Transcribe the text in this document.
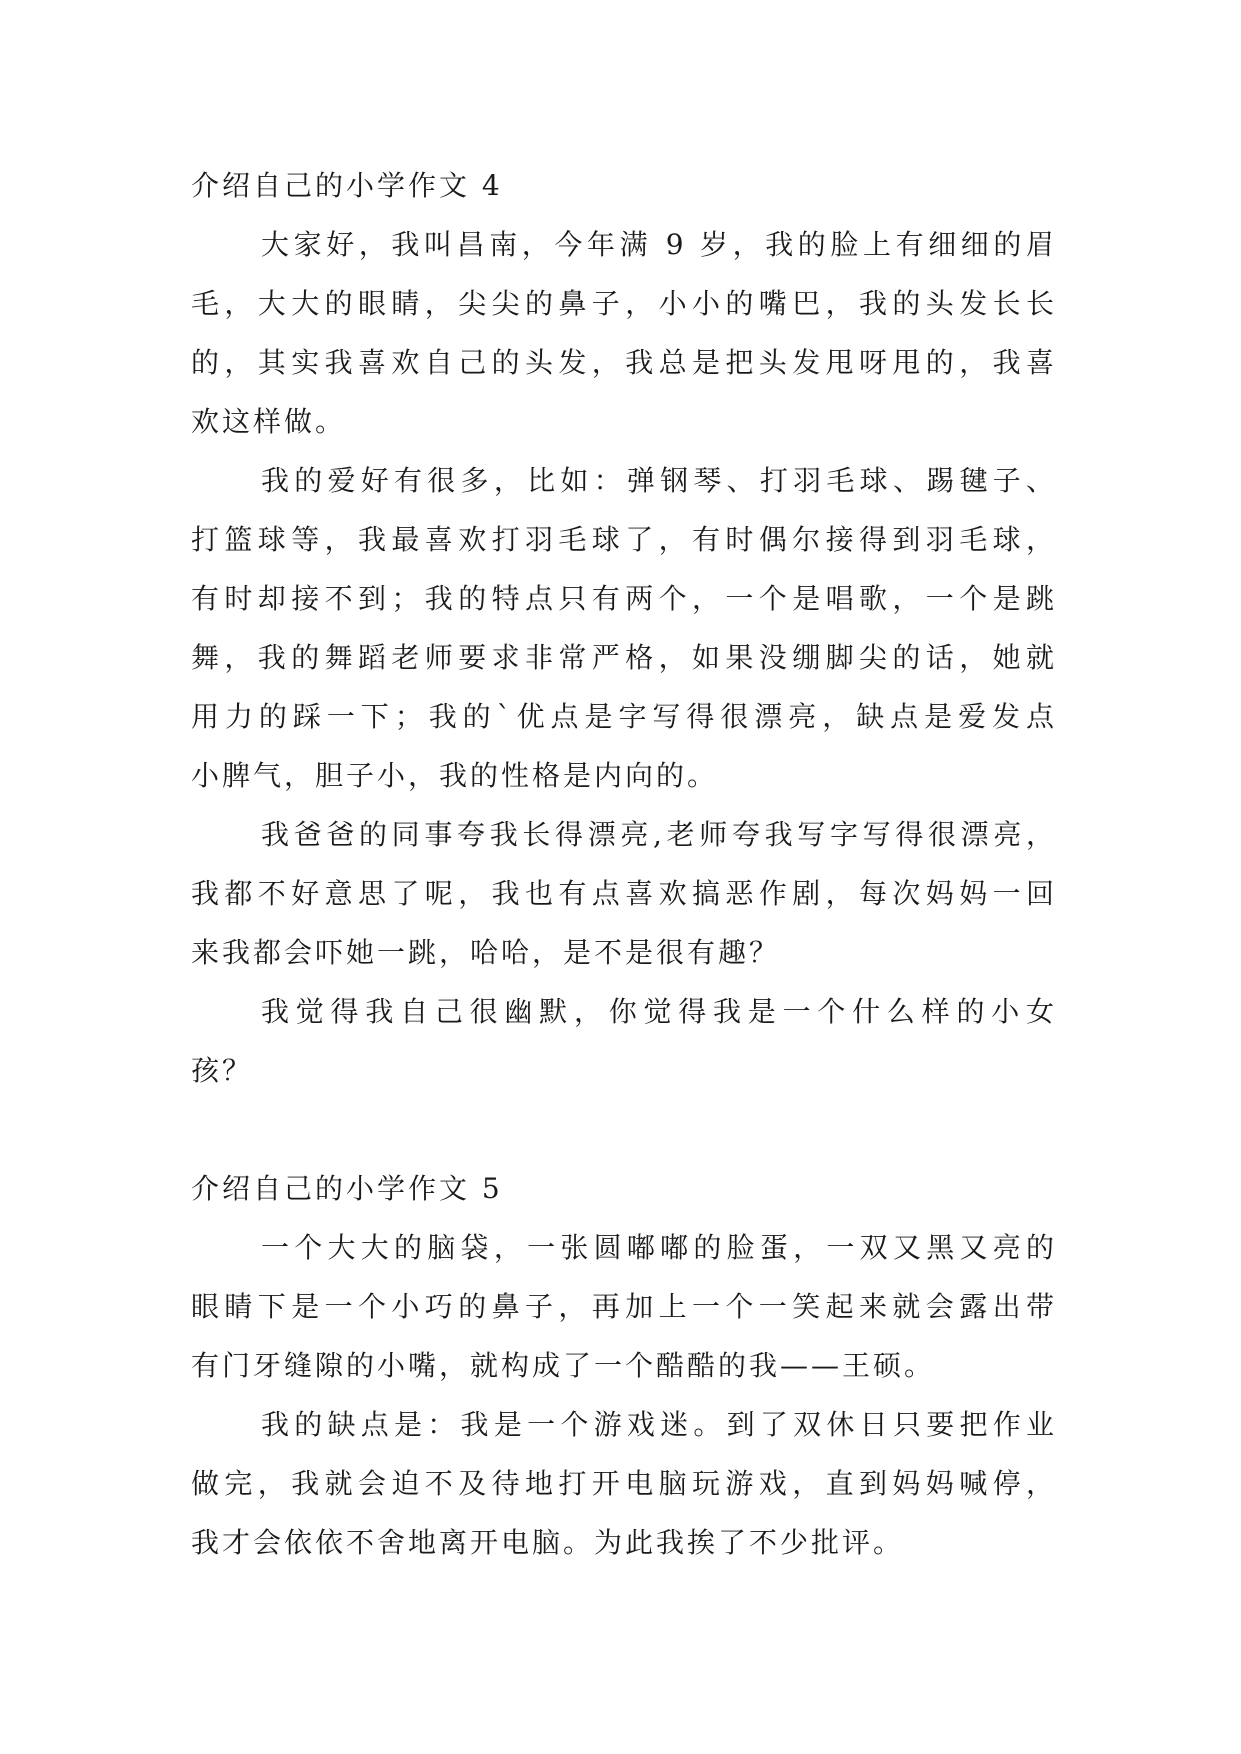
介绍自己的小学作文 4
大家好，我叫昌南，今年满 9 岁，我的脸上有细细的眉
毛，大大的眼睛，尖尖的鼻子，小小的嘴巴，我的头发长长
的，其实我喜欢自己的头发，我总是把头发甩呀甩的，我喜
欢这样做。
我的爱好有很多，比如：弹钢琴、打羽毛球、踢毽子、
打篮球等，我最喜欢打羽毛球了，有时偶尔接得到羽毛球，
有时却接不到；我的特点只有两个，一个是唱歌，一个是跳
舞，我的舞蹈老师要求非常严格，如果没绷脚尖的话，她就
用力的踩一下；我的`优点是字写得很漂亮，缺点是爱发点
小脾气，胆子小，我的性格是内向的。
我爸爸的同事夸我长得漂亮,老师夸我写字写得很漂亮，
我都不好意思了呢，我也有点喜欢搞恶作剧，每次妈妈一回
来我都会吓她一跳，哈哈，是不是很有趣？
我觉得我自己很幽默，你觉得我是一个什么样的小女
孩？
介绍自己的小学作文 5
一个大大的脑袋，一张圆嘟嘟的脸蛋，一双又黑又亮的
眼睛下是一个小巧的鼻子，再加上一个一笑起来就会露出带
有门牙缝隙的小嘴，就构成了一个酷酷的我——王硕。
我的缺点是：我是一个游戏迷。到了双休日只要把作业
做完，我就会迫不及待地打开电脑玩游戏，直到妈妈喊停，
我才会依依不舍地离开电脑。为此我挨了不少批评。
